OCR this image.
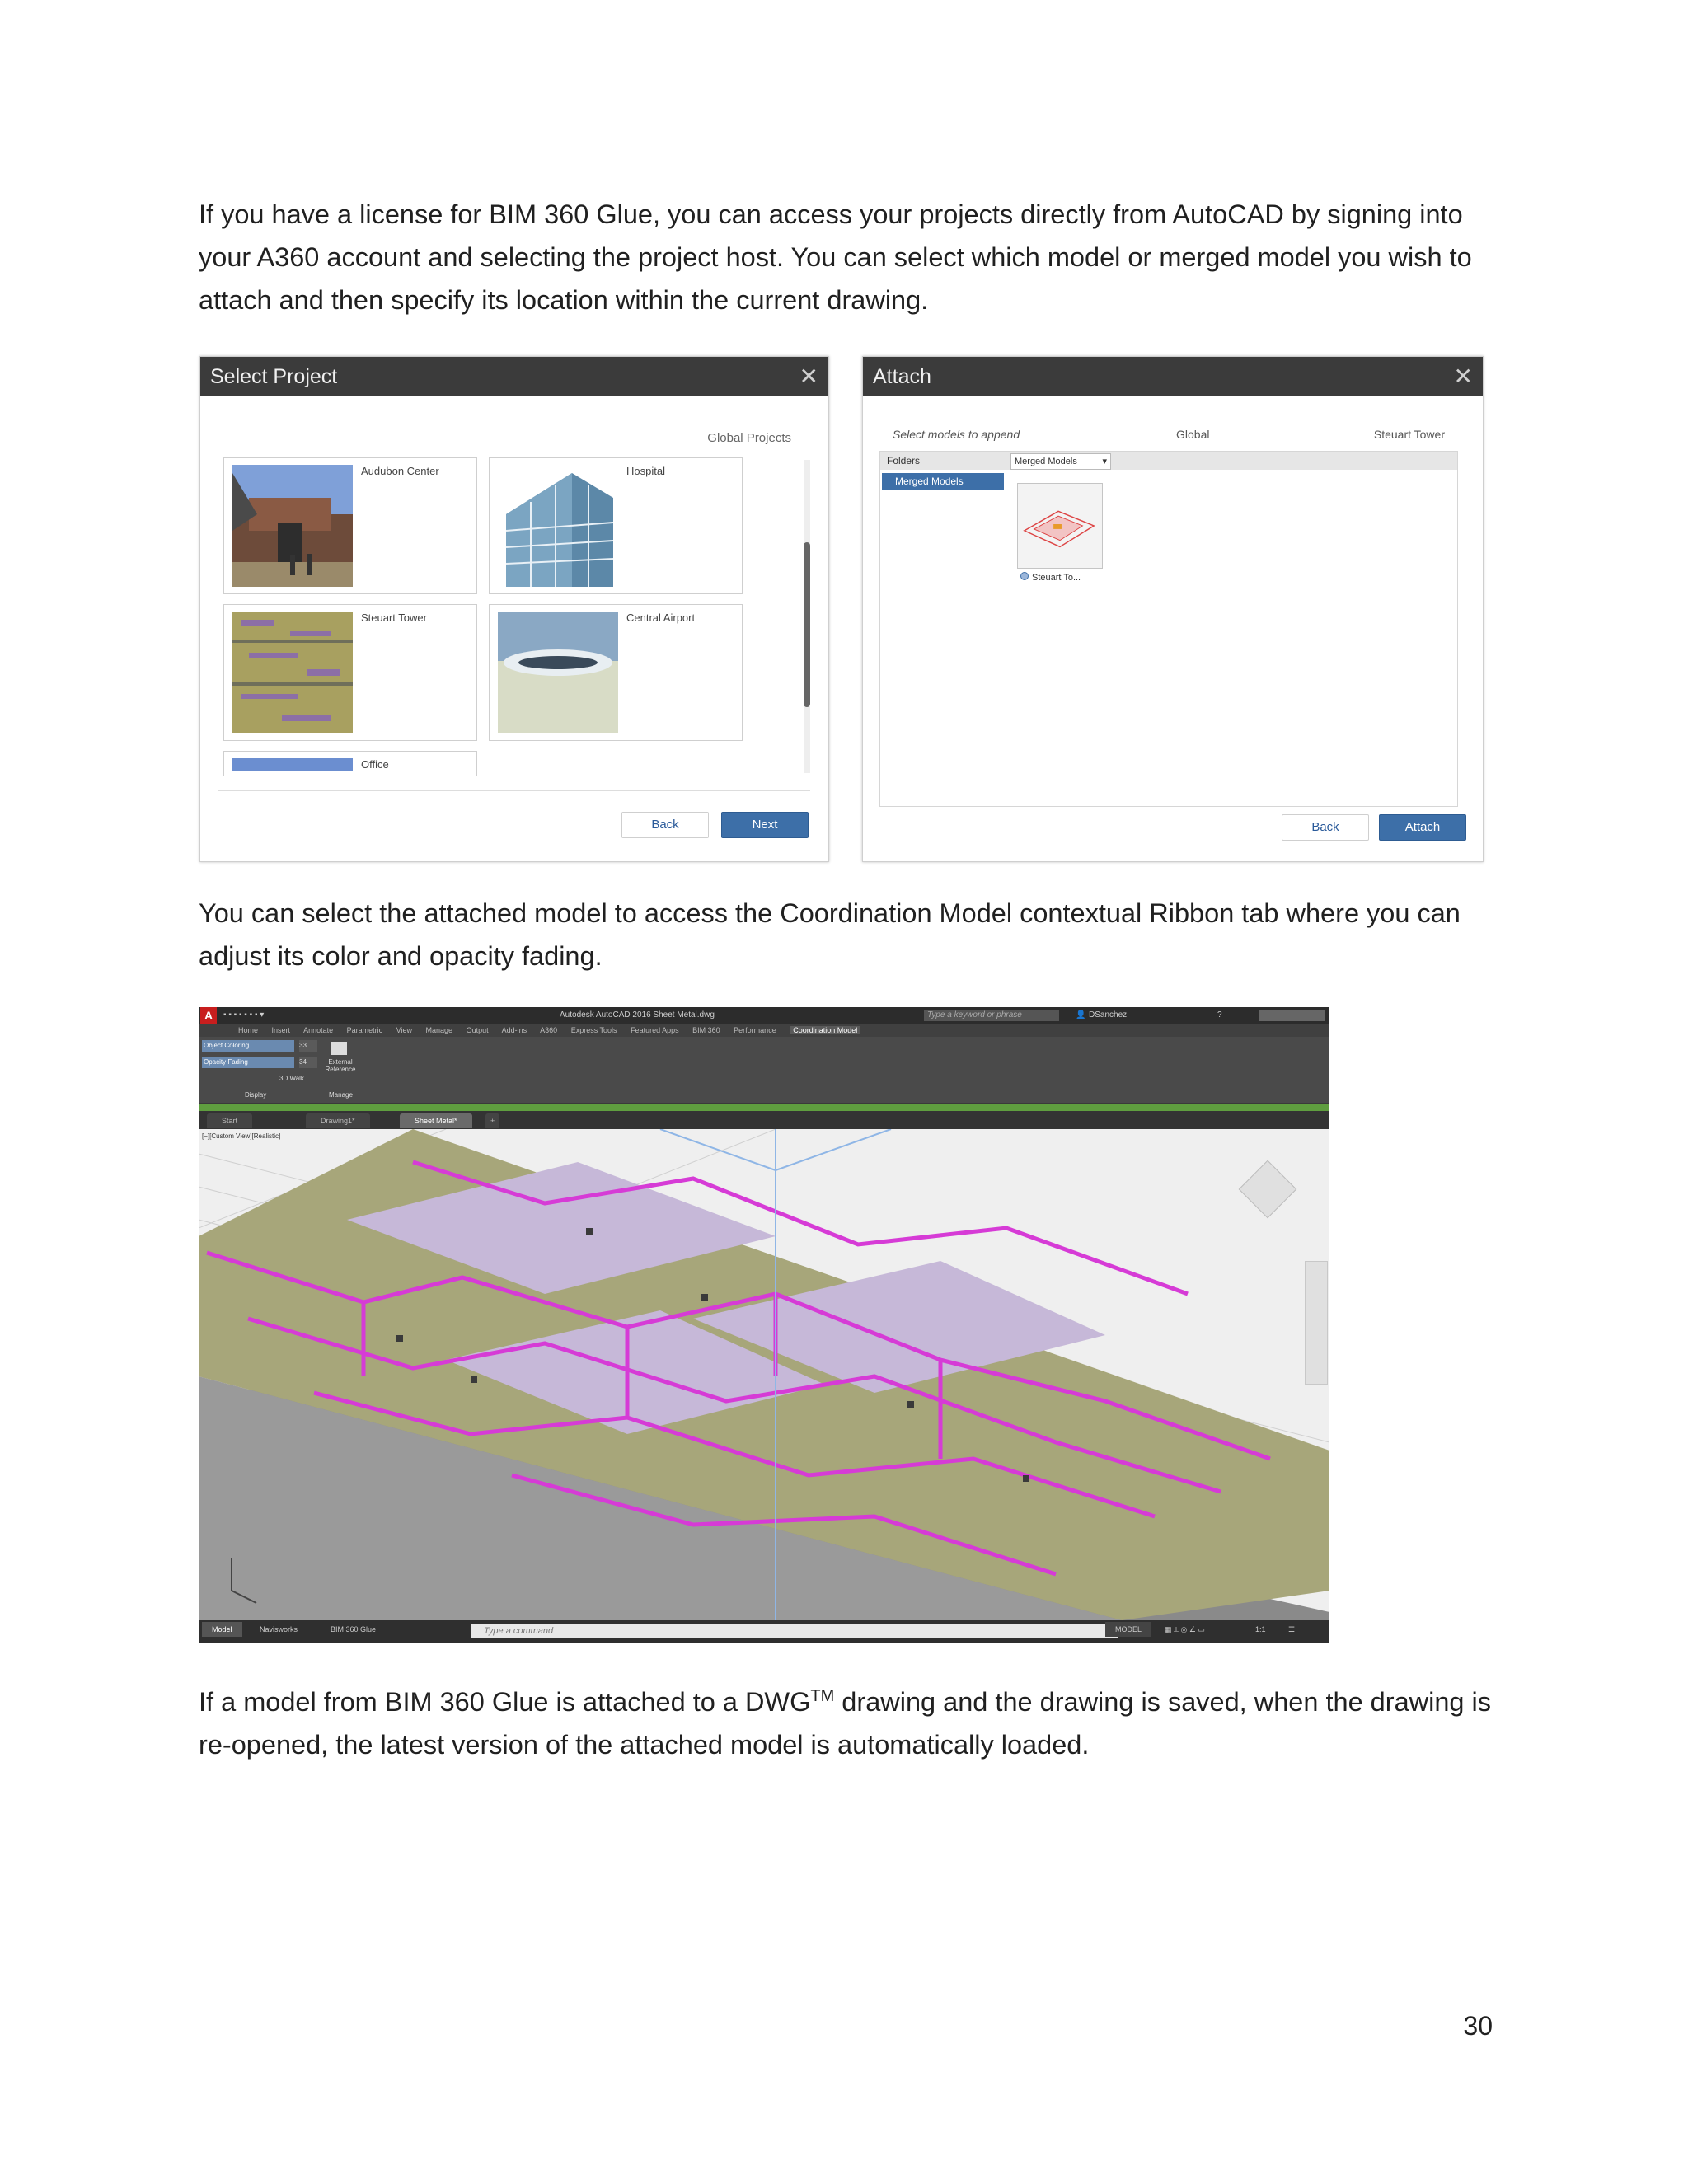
If you have a license for BIM 360 Glue, you can access your projects directly from AutoCAD by signing into your A360 account and selecting the project host. You can select which model or merged model you wish to attach and then specify its location within the current drawing.

Select Project	✕
Global Projects
Audubon Center	Hospital
Steuart Tower	Central Airport
Office
Back	Next
Attach	✕
Select models to append	Global	Steuart Tower
Folders
Merged Models
Merged Models ▾
Steuart To...
Back	Attach

You can select the attached model to access the Coordination Model contextual Ribbon tab where you can adjust its color and opacity fading.

A	▪ ▪ ▪ ▪ ▪ ▪ ▪ ▾	Autodesk AutoCAD 2016 Sheet Metal.dwg	Type a keyword or phrase	👤 DSanchez	?
Home Insert Annotate Parametric View Manage Output Add-ins A360 Express Tools Featured Apps BIM 360 Performance Coordination Model
Object Coloring	33
Opacity Fading	34
3D Walk
External Reference
Display	Manage
Start	Drawing1*	Sheet Metal*	+
[−][Custom View][Realistic]
Model	Navisworks	BIM 360 Glue	Type a command	MODEL	▦ ⟂ ◎ ∠ ▭	1:1	☰

If a model from BIM 360 Glue is attached to a DWG™ drawing and the drawing is saved, when the drawing is re-opened, the latest version of the attached model is automatically loaded.

30
